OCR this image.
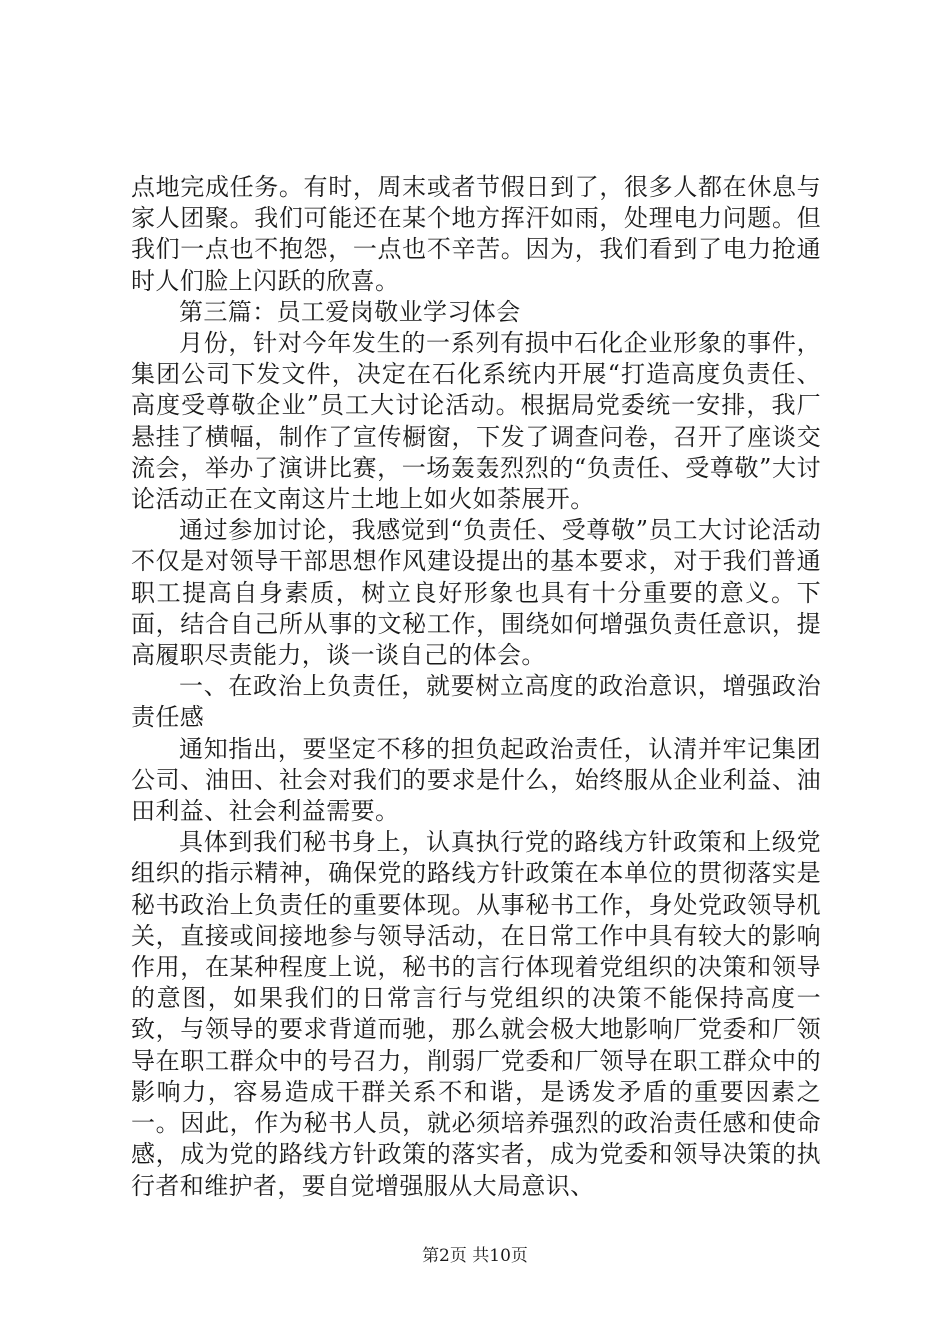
点地完成任务。有时，周末或者节假日到了，很多人都在休息与家人团聚。我们可能还在某个地方挥汗如雨，处理电力问题。但我们一点也不抱怨，一点也不辛苦。因为，我们看到了电力抢通时人们脸上闪跃的欣喜。

第三篇：员工爱岗敬业学习体会

月份，针对今年发生的一系列有损中石化企业形象的事件，集团公司下发文件，决定在石化系统内开展“打造高度负责任、高度受尊敬企业”员工大讨论活动。根据局党委统一安排，我厂悬挂了横幅，制作了宣传橱窗，下发了调查问卷，召开了座谈交流会，举办了演讲比赛，一场轰轰烈烈的“负责任、受尊敬”大讨论活动正在文南这片土地上如火如荼展开。

通过参加讨论，我感觉到“负责任、受尊敬”员工大讨论活动不仅是对领导干部思想作风建设提出的基本要求，对于我们普通职工提高自身素质，树立良好形象也具有十分重要的意义。下面，结合自己所从事的文秘工作，围绕如何增强负责任意识，提高履职尽责能力，谈一谈自己的体会。

一、在政治上负责任，就要树立高度的政治意识，增强政治责任感

通知指出，要坚定不移的担负起政治责任，认清并牢记集团公司、油田、社会对我们的要求是什么，始终服从企业利益、油田利益、社会利益需要。

具体到我们秘书身上，认真执行党的路线方针政策和上级党组织的指示精神，确保党的路线方针政策在本单位的贯彻落实是秘书政治上负责任的重要体现。从事秘书工作，身处党政领导机关，直接或间接地参与领导活动，在日常工作中具有较大的影响作用，在某种程度上说，秘书的言行体现着党组织的决策和领导的意图，如果我们的日常言行与党组织的决策不能保持高度一致，与领导的要求背道而驰，那么就会极大地影响厂党委和厂领导在职工群众中的号召力，削弱厂党委和厂领导在职工群众中的影响力，容易造成干群关系不和谐，是诱发矛盾的重要因素之一。因此，作为秘书人员，就必须培养强烈的政治责任感和使命感，成为党的路线方针政策的落实者，成为党委和领导决策的执行者和维护者，要自觉增强服从大局意识、

第2页 共10页
